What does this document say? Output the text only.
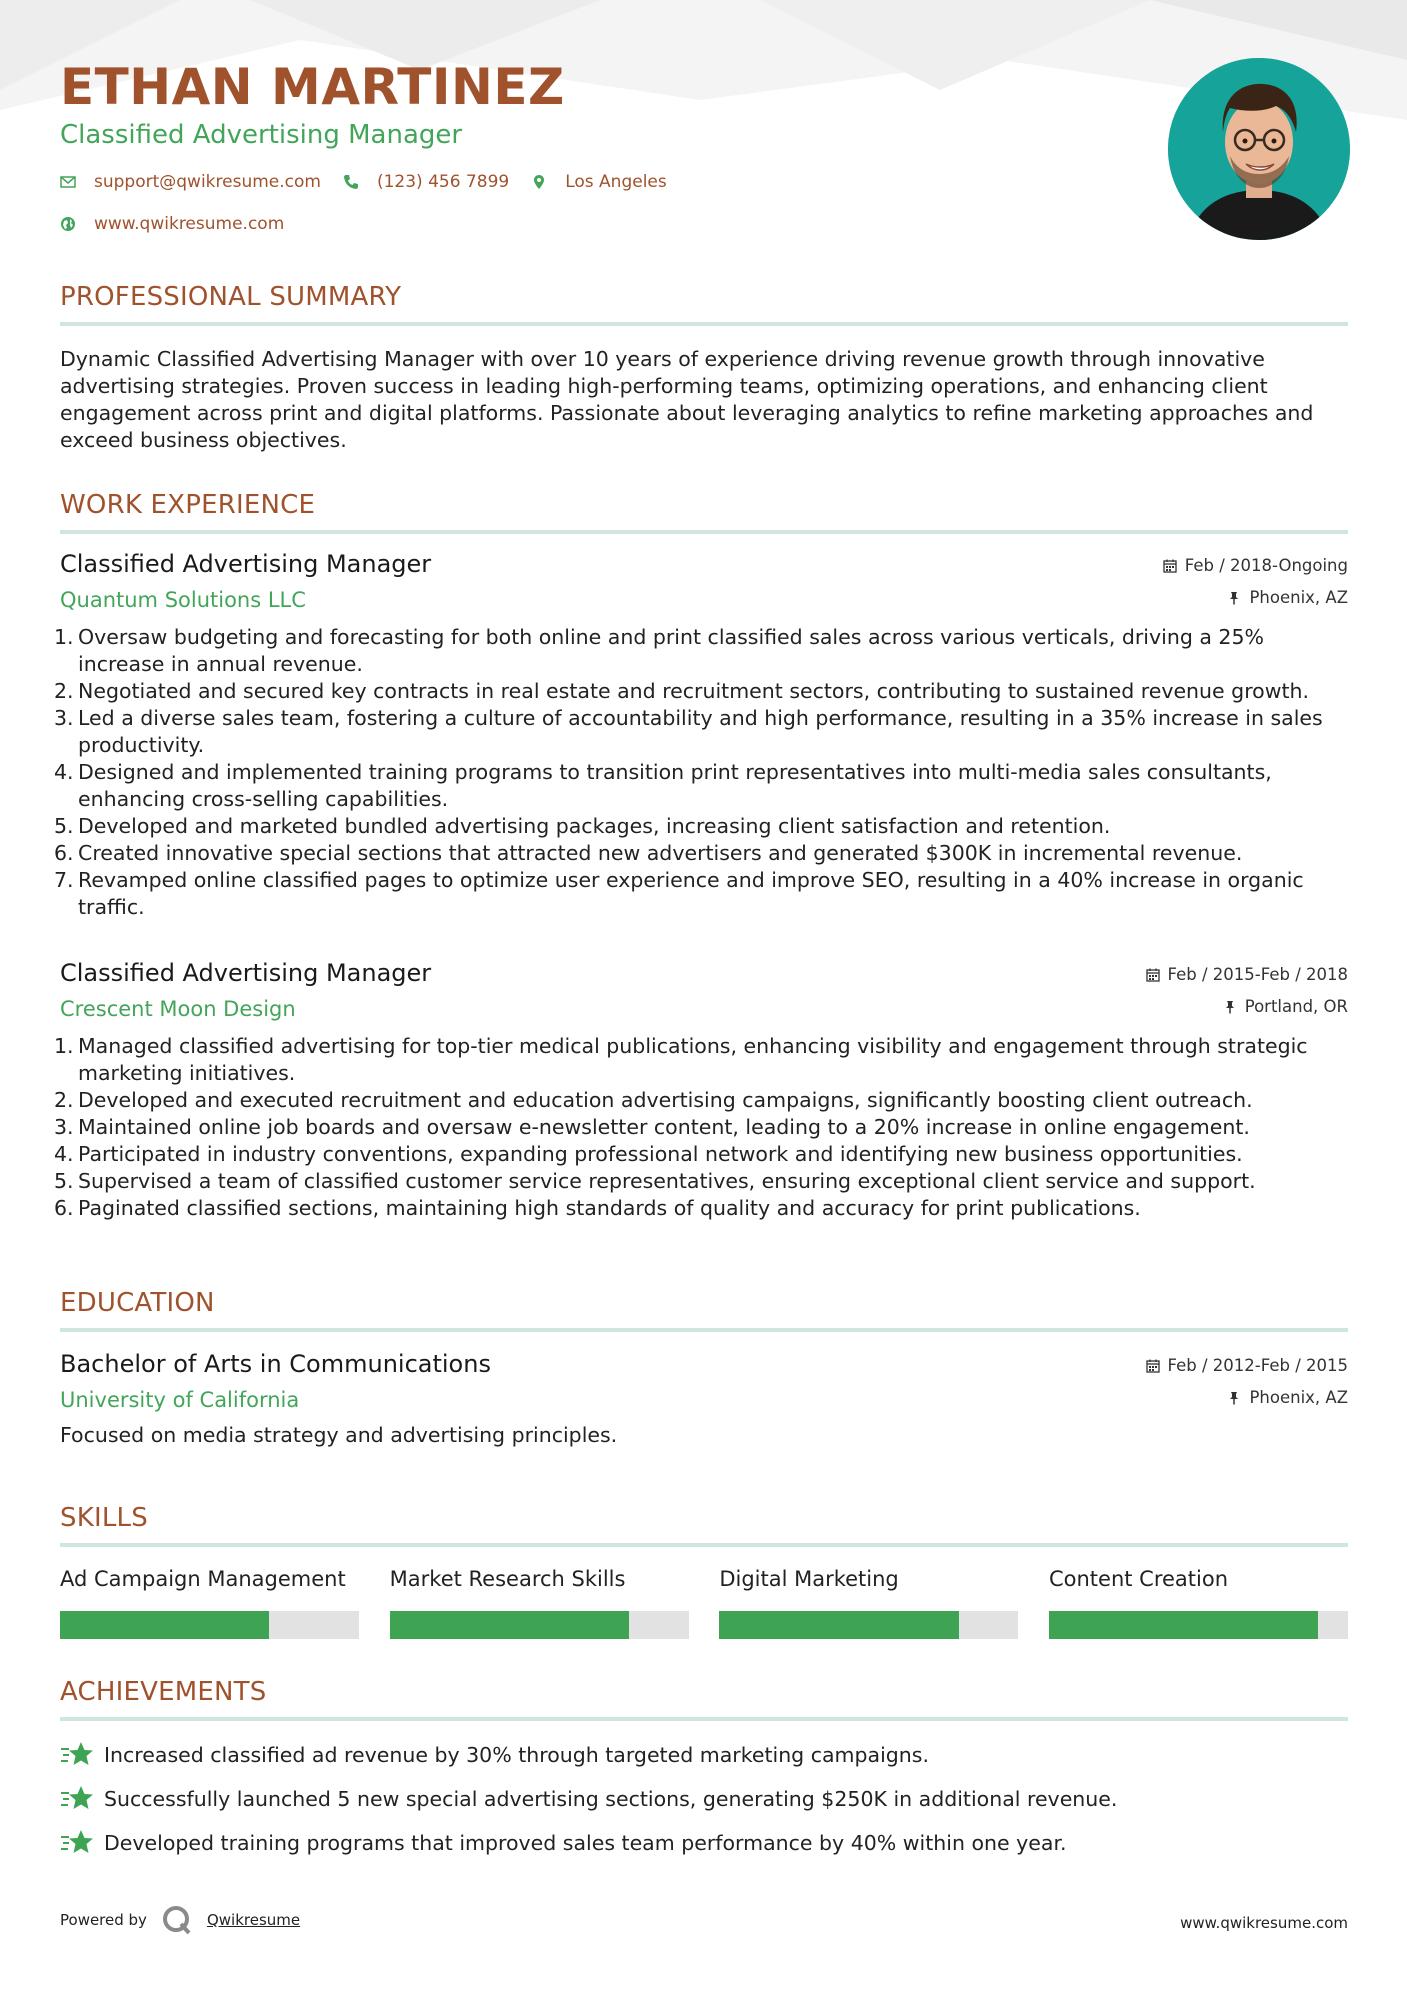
ETHAN MARTINEZ
Classified Advertising Manager
support@qwikresume.com	(123) 456 7899	Los Angeles
www.qwikresume.com
PROFESSIONAL SUMMARY
Dynamic Classified Advertising Manager with over 10 years of experience driving revenue growth through innovative advertising strategies. Proven success in leading high-performing teams, optimizing operations, and enhancing client engagement across print and digital platforms. Passionate about leveraging analytics to refine marketing approaches and exceed business objectives.
WORK EXPERIENCE
Classified Advertising Manager
Quantum Solutions LLC
Feb / 2018-Ongoing
Phoenix, AZ
1. Oversaw budgeting and forecasting for both online and print classified sales across various verticals, driving a 25% increase in annual revenue.
2. Negotiated and secured key contracts in real estate and recruitment sectors, contributing to sustained revenue growth.
3. Led a diverse sales team, fostering a culture of accountability and high performance, resulting in a 35% increase in sales productivity.
4. Designed and implemented training programs to transition print representatives into multi-media sales consultants, enhancing cross-selling capabilities.
5. Developed and marketed bundled advertising packages, increasing client satisfaction and retention.
6. Created innovative special sections that attracted new advertisers and generated $300K in incremental revenue.
7. Revamped online classified pages to optimize user experience and improve SEO, resulting in a 40% increase in organic traffic.
Classified Advertising Manager
Crescent Moon Design
Feb / 2015-Feb / 2018
Portland, OR
1. Managed classified advertising for top-tier medical publications, enhancing visibility and engagement through strategic marketing initiatives.
2. Developed and executed recruitment and education advertising campaigns, significantly boosting client outreach.
3. Maintained online job boards and oversaw e-newsletter content, leading to a 20% increase in online engagement.
4. Participated in industry conventions, expanding professional network and identifying new business opportunities.
5. Supervised a team of classified customer service representatives, ensuring exceptional client service and support.
6. Paginated classified sections, maintaining high standards of quality and accuracy for print publications.
EDUCATION
Bachelor of Arts in Communications
University of California
Feb / 2012-Feb / 2015
Phoenix, AZ
Focused on media strategy and advertising principles.
SKILLS
Ad Campaign Management	Market Research Skills	Digital Marketing	Content Creation
ACHIEVEMENTS
Increased classified ad revenue by 30% through targeted marketing campaigns.
Successfully launched 5 new special advertising sections, generating $250K in additional revenue.
Developed training programs that improved sales team performance by 40% within one year.
Powered by	Qwikresume	www.qwikresume.com
